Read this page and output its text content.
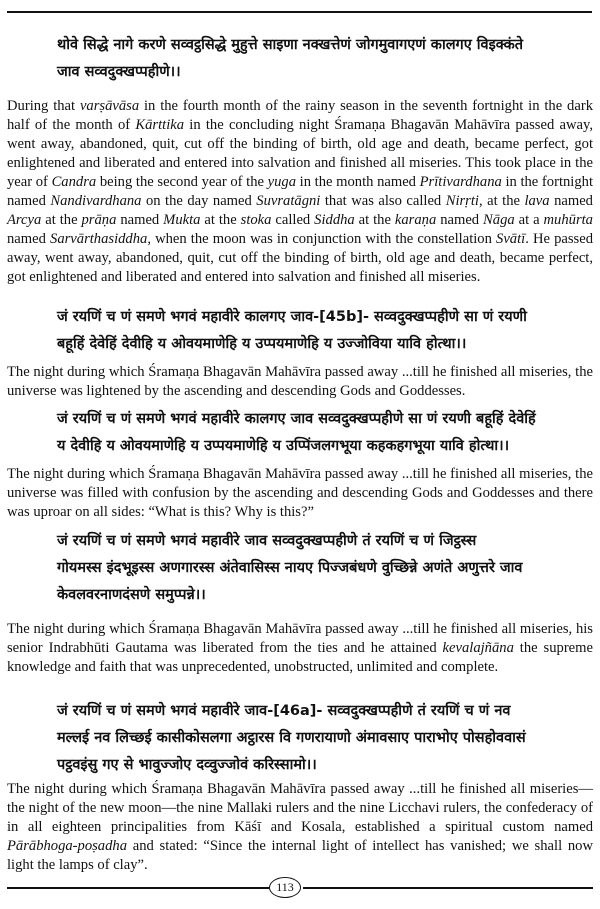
थोवे सिद्धे नागे करणे सव्वट्ठसिद्धे मुहुत्ते साइणा नक्खत्तेणं जोगमुवागएणं कालगए विइक्कंते
जाव सव्वदुक्खप्पहीणे।।
During that varṣāvāsa in the fourth month of the rainy season in the seventh fortnight in the dark half of the month of Kārttika in the concluding night Śramaṇa Bhagavān Mahāvīra passed away, went away, abandoned, quit, cut off the binding of birth, old age and death, became perfect, got enlightened and liberated and entered into salvation and finished all miseries. This took place in the year of Candra being the second year of the yuga in the month named Prītivardhana in the fortnight named Nandivardhana on the day named Suvratāgni that was also called Nirṛti, at the lava named Arcya at the prāṇa named Mukta at the stoka called Siddha at the karaṇa named Nāga at a muhūrta named Sarvārthasiddha, when the moon was in conjunction with the constellation Svātī. He passed away, went away, abandoned, quit, cut off the binding of birth, old age and death, became perfect, got enlightened and liberated and entered into salvation and finished all miseries.
जं रयणिं च णं समणे भगवं महावीरे कालगए जाव-[45b]- सव्वदुक्खप्पहीणे सा णं रयणी
बहूहिं देवेहिं देवीहि य ओवयमाणेहि य उप्पयमाणेहि य उज्जोविया यावि होत्था।।
The night during which Śramaṇa Bhagavān Mahāvīra passed away ...till he finished all miseries, the universe was lightened by the ascending and descending Gods and Goddesses.
जं रयणिं च णं समणे भगवं महावीरे कालगए जाव सव्वदुक्खप्पहीणे सा णं रयणी बहूहिं देवेहिं
य देवीहि य ओवयमाणेहि य उप्पयमाणेहि य उप्पिंजलगभूया कहकहगभूया यावि होत्था।।
The night during which Śramaṇa Bhagavān Mahāvīra passed away ...till he finished all miseries, the universe was filled with confusion by the ascending and descending Gods and Goddesses and there was uproar on all sides: “What is this? Why is this?”
जं रयणिं च णं समणे भगवं महावीरे जाव सव्वदुक्खप्पहीणे तं रयणिं च णं जिट्ठस्स
गोयमस्स इंदभूइस्स अणगारस्स अंतेवासिस्स नायए पिज्जबंधणे वुच्छिन्ने अणंते अणुत्तरे जाव
केवलवरनाणदंसणे समुप्पन्ने।।
The night during which Śramaṇa Bhagavān Mahāvīra passed away ...till he finished all miseries, his senior Indrabhūti Gautama was liberated from the ties and he attained kevalajñāna the supreme knowledge and faith that was unprecedented, unobstructed, unlimited and complete.
जं रयणिं च णं समणे भगवं महावीरे जाव-[46a]- सव्वदुक्खप्पहीणे तं रयणिं च णं नव
मल्लई नव लिच्छई कासीकोसलगा अट्ठारस वि गणरायाणो अंमावसाए पाराभोए पोसहोववासं
पट्ठवइंसु गए से भावुज्जोए दव्वुज्जोवं करिस्सामो।।
The night during which Śramaṇa Bhagavān Mahāvīra passed away ...till he finished all miseries—the night of the new moon—the nine Mallaki rulers and the nine Licchavi rulers, the confederacy of in all eighteen principalities from Kāśī and Kosala, established a spiritual custom named Pārābhoga-poṣadha and stated: “Since the internal light of intellect has vanished; we shall now light the lamps of clay”.
113
